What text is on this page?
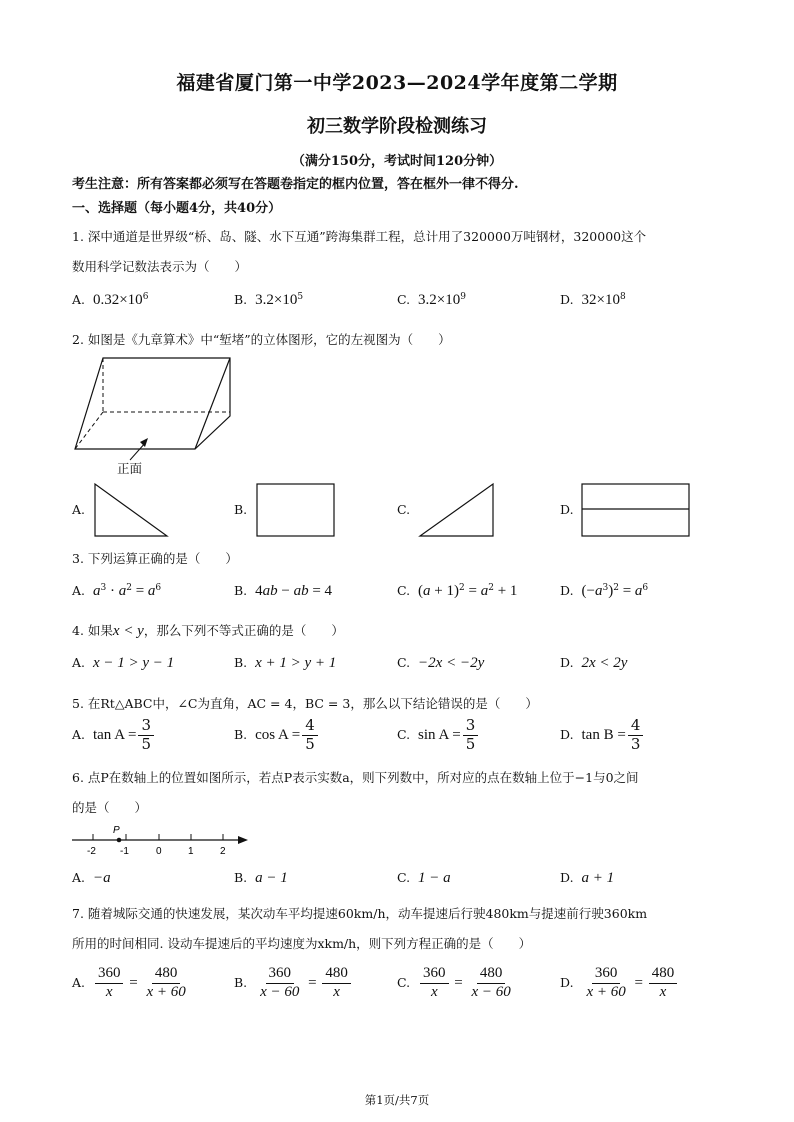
福建省厦门第一中学2023—2024学年度第二学期
初三数学阶段检测练习
（满分150分，考试时间120分钟）
考生注意：所有答案都必须写在答题卷指定的框内位置，答在框外一律不得分.
一、选择题（每小题4分，共40分）
1. 深中通道是世界级“桥、岛、隧、水下互通”跨海集群工程，总计用了320000万吨钢材，320000这个
数用科学记数法表示为（　　）
A. $0.32\times 10^6$	B. $3.2\times 10^5$	C. $3.2\times 10^9$	D. $32\times 10^8$
2. 如图是《九章算术》中“堑堵”的立体图形，它的左视图为（　　）
正面
A.	B.	C.	D.
3. 下列运算正确的是（　　）
A. $a^3 \cdot a^2 = a^6$	B. 4ab − ab = 4	C. $(a + 1)^2 = a^2 + 1$	D. $(-a^3)^2 = a^6$
4. 如果x < y，那么下列不等式正确的是（　　）
A. x − 1 > y − 1	B. x + 1 > y + 1	C. −2x < −2y	D. 2x < 2y
5. 在Rt△ABC中，∠C为直角，AC = 4，BC = 3，那么以下结论错误的是（　　）
A. $\tan A = \frac{3}{5}$	B. $\cos A = \frac{4}{5}$	C. $\sin A = \frac{3}{5}$	D. $\tan B = \frac{4}{3}$
6. 点P在数轴上的位置如图所示，若点P表示实数a，则下列数中，所对应的点在数轴上位于−1与0之间
的是（　　）
P
-2 -1	0	1	2
A. −a	B. a − 1	C. 1 − a	D. a + 1
7. 随着城际交通的快速发展，某次动车平均提速60km/h，动车提速后行驶480km与提速前行驶360km
所用的时间相同. 设动车提速后的平均速度为xkm/h，则下列方程正确的是（　　）
A. $\frac{360}{x} = \frac{480}{x + 60}$	B. $\frac{360}{x - 60} = \frac{480}{x}$	C. $\frac{360}{x} = \frac{480}{x - 60}$	D. $\frac{360}{x + 60} = \frac{480}{x}$
第1页/共7页
